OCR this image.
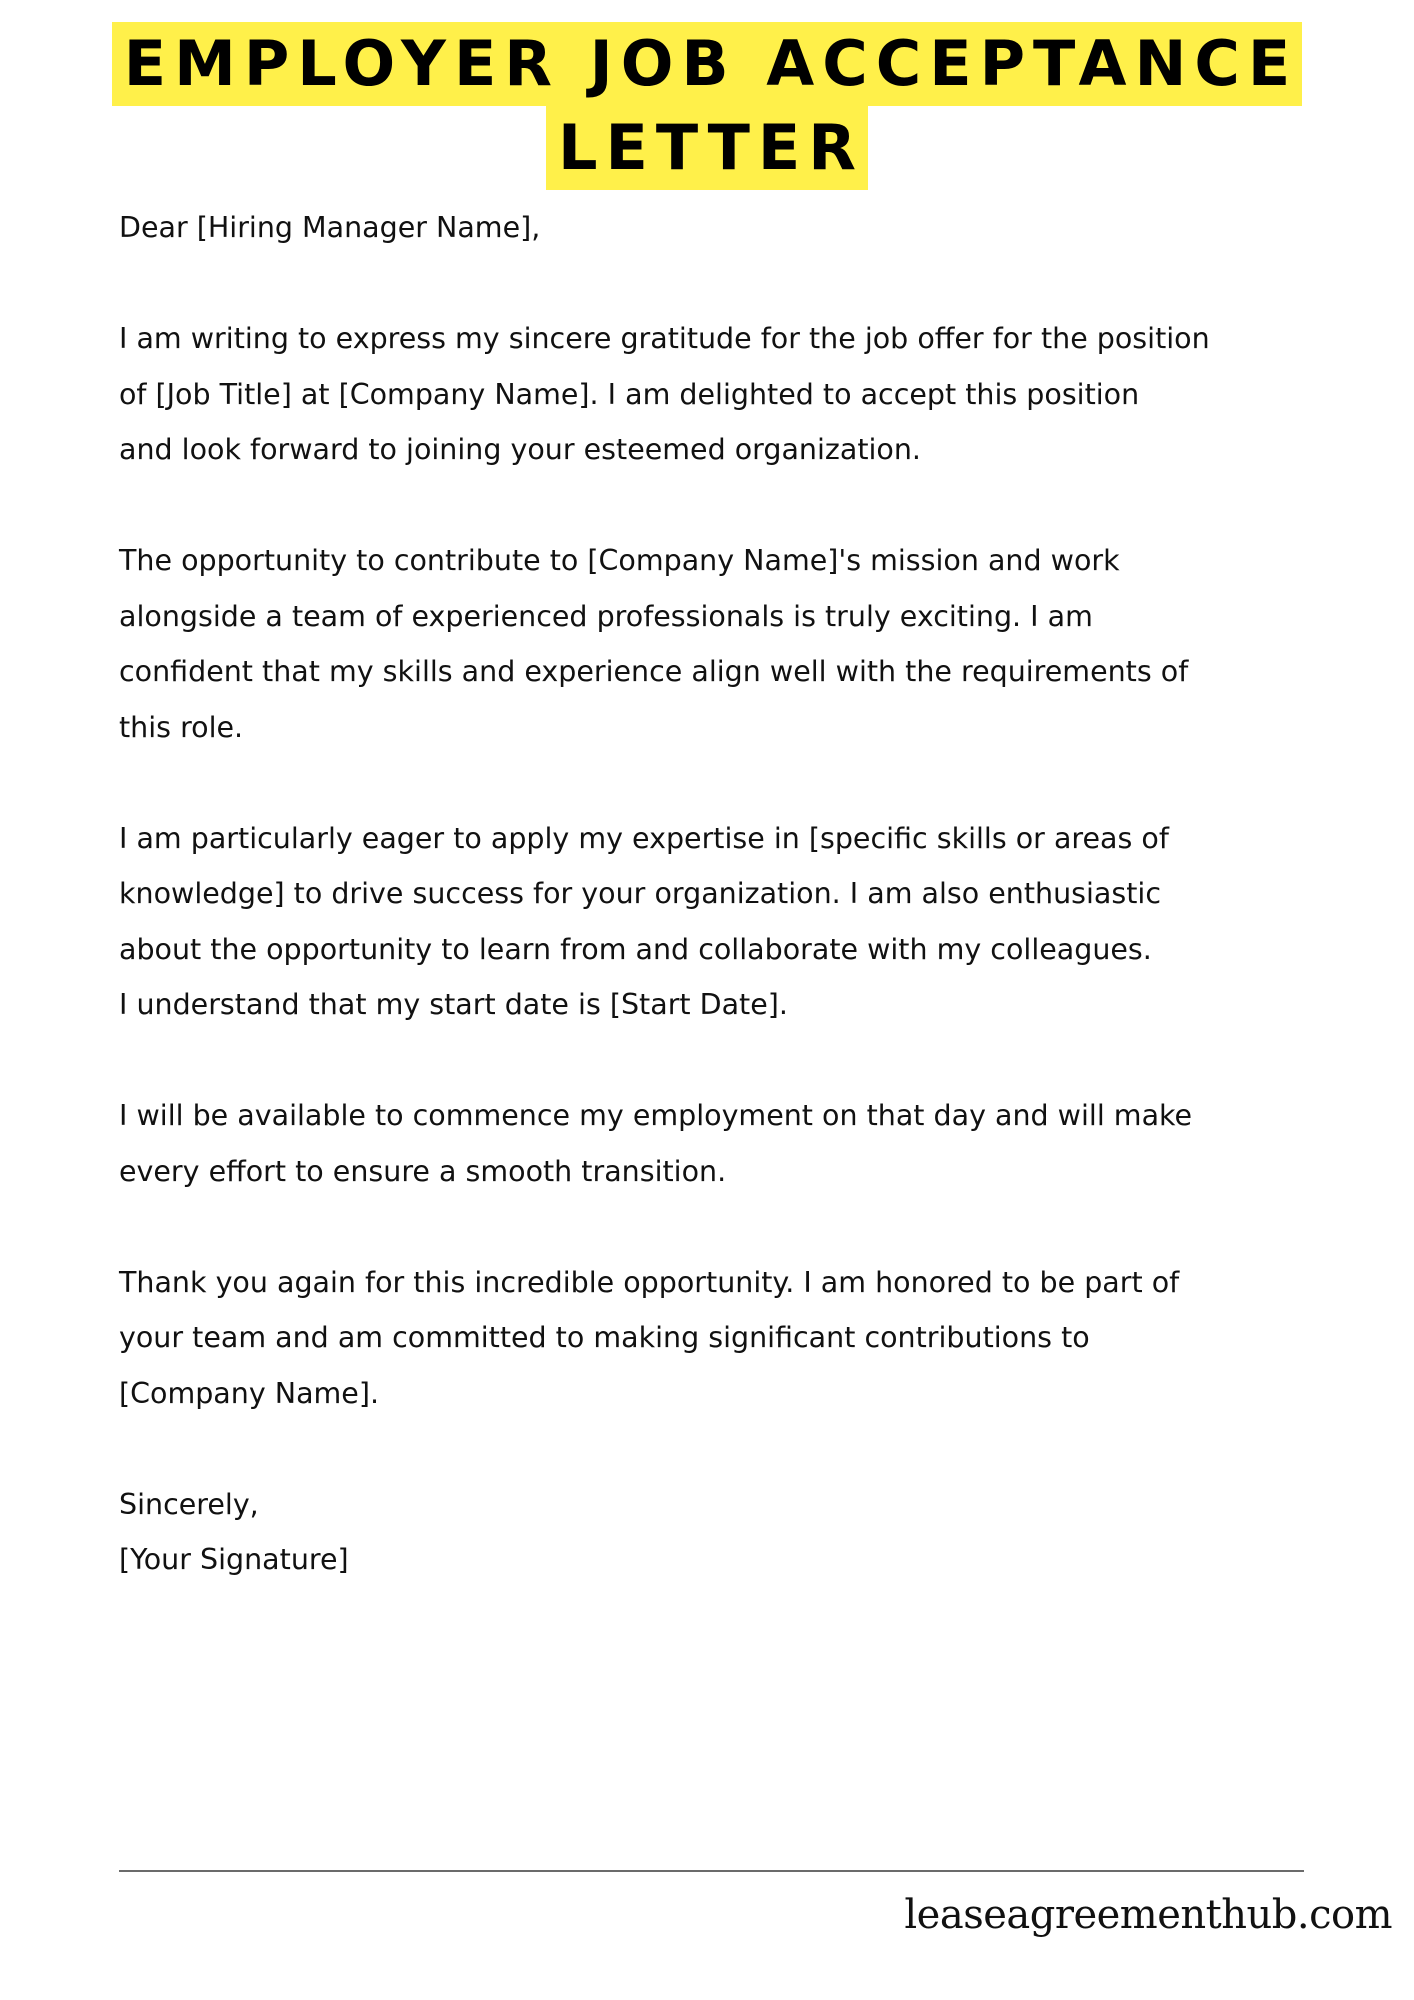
EMPLOYER JOB ACCEPTANCE
LETTER

Dear [Hiring Manager Name],

I am writing to express my sincere gratitude for the job offer for the position
of [Job Title] at [Company Name]. I am delighted to accept this position
and look forward to joining your esteemed organization.

The opportunity to contribute to [Company Name]'s mission and work
alongside a team of experienced professionals is truly exciting. I am
confident that my skills and experience align well with the requirements of
this role.

I am particularly eager to apply my expertise in [specific skills or areas of
knowledge] to drive success for your organization. I am also enthusiastic
about the opportunity to learn from and collaborate with my colleagues.
I understand that my start date is [Start Date].

I will be available to commence my employment on that day and will make
every effort to ensure a smooth transition.

Thank you again for this incredible opportunity. I am honored to be part of
your team and am committed to making significant contributions to
[Company Name].

Sincerely,

[Your Signature]

leaseagreementhub.com
